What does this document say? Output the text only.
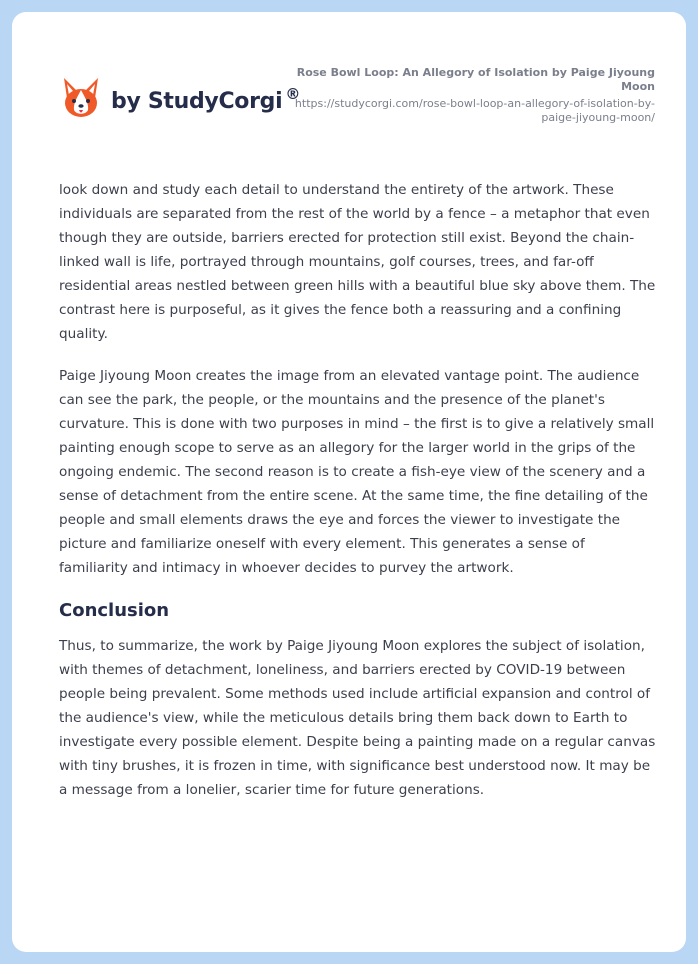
by StudyCorgi ®
Rose Bowl Loop: An Allegory of Isolation by Paige Jiyoung Moon
https://studycorgi.com/rose-bowl-loop-an-allegory-of-isolation-by-paige-jiyoung-moon/

look down and study each detail to understand the entirety of the artwork. These individuals are separated from the rest of the world by a fence – a metaphor that even though they are outside, barriers erected for protection still exist. Beyond the chain-linked wall is life, portrayed through mountains, golf courses, trees, and far-off residential areas nestled between green hills with a beautiful blue sky above them. The contrast here is purposeful, as it gives the fence both a reassuring and a confining quality.

Paige Jiyoung Moon creates the image from an elevated vantage point. The audience can see the park, the people, or the mountains and the presence of the planet's curvature. This is done with two purposes in mind – the first is to give a relatively small painting enough scope to serve as an allegory for the larger world in the grips of the ongoing endemic. The second reason is to create a fish-eye view of the scenery and a sense of detachment from the entire scene. At the same time, the fine detailing of the people and small elements draws the eye and forces the viewer to investigate the picture and familiarize oneself with every element. This generates a sense of familiarity and intimacy in whoever decides to purvey the artwork.

Conclusion

Thus, to summarize, the work by Paige Jiyoung Moon explores the subject of isolation, with themes of detachment, loneliness, and barriers erected by COVID-19 between people being prevalent. Some methods used include artificial expansion and control of the audience's view, while the meticulous details bring them back down to Earth to investigate every possible element. Despite being a painting made on a regular canvas with tiny brushes, it is frozen in time, with significance best understood now. It may be a message from a lonelier, scarier time for future generations.
